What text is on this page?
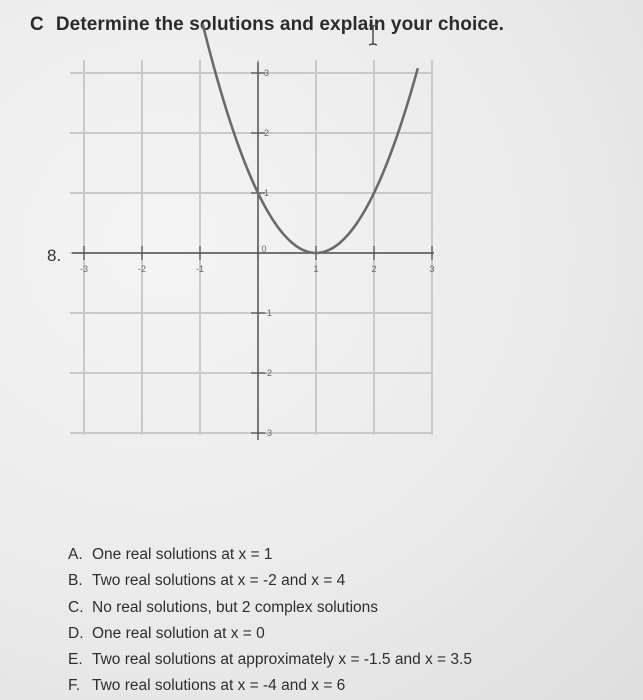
C Determine the solutions and explain your choice.
8.
-3	-2	-1
0
1	2	3
3
2
1
-1
-2
-3
A. One real solutions at x = 1
B. Two real solutions at x = -2 and x = 4
C. No real solutions, but 2 complex solutions
D. One real solution at x = 0
E. Two real solutions at approximately x = -1.5 and x = 3.5
F. Two real solutions at x = -4 and x = 6
